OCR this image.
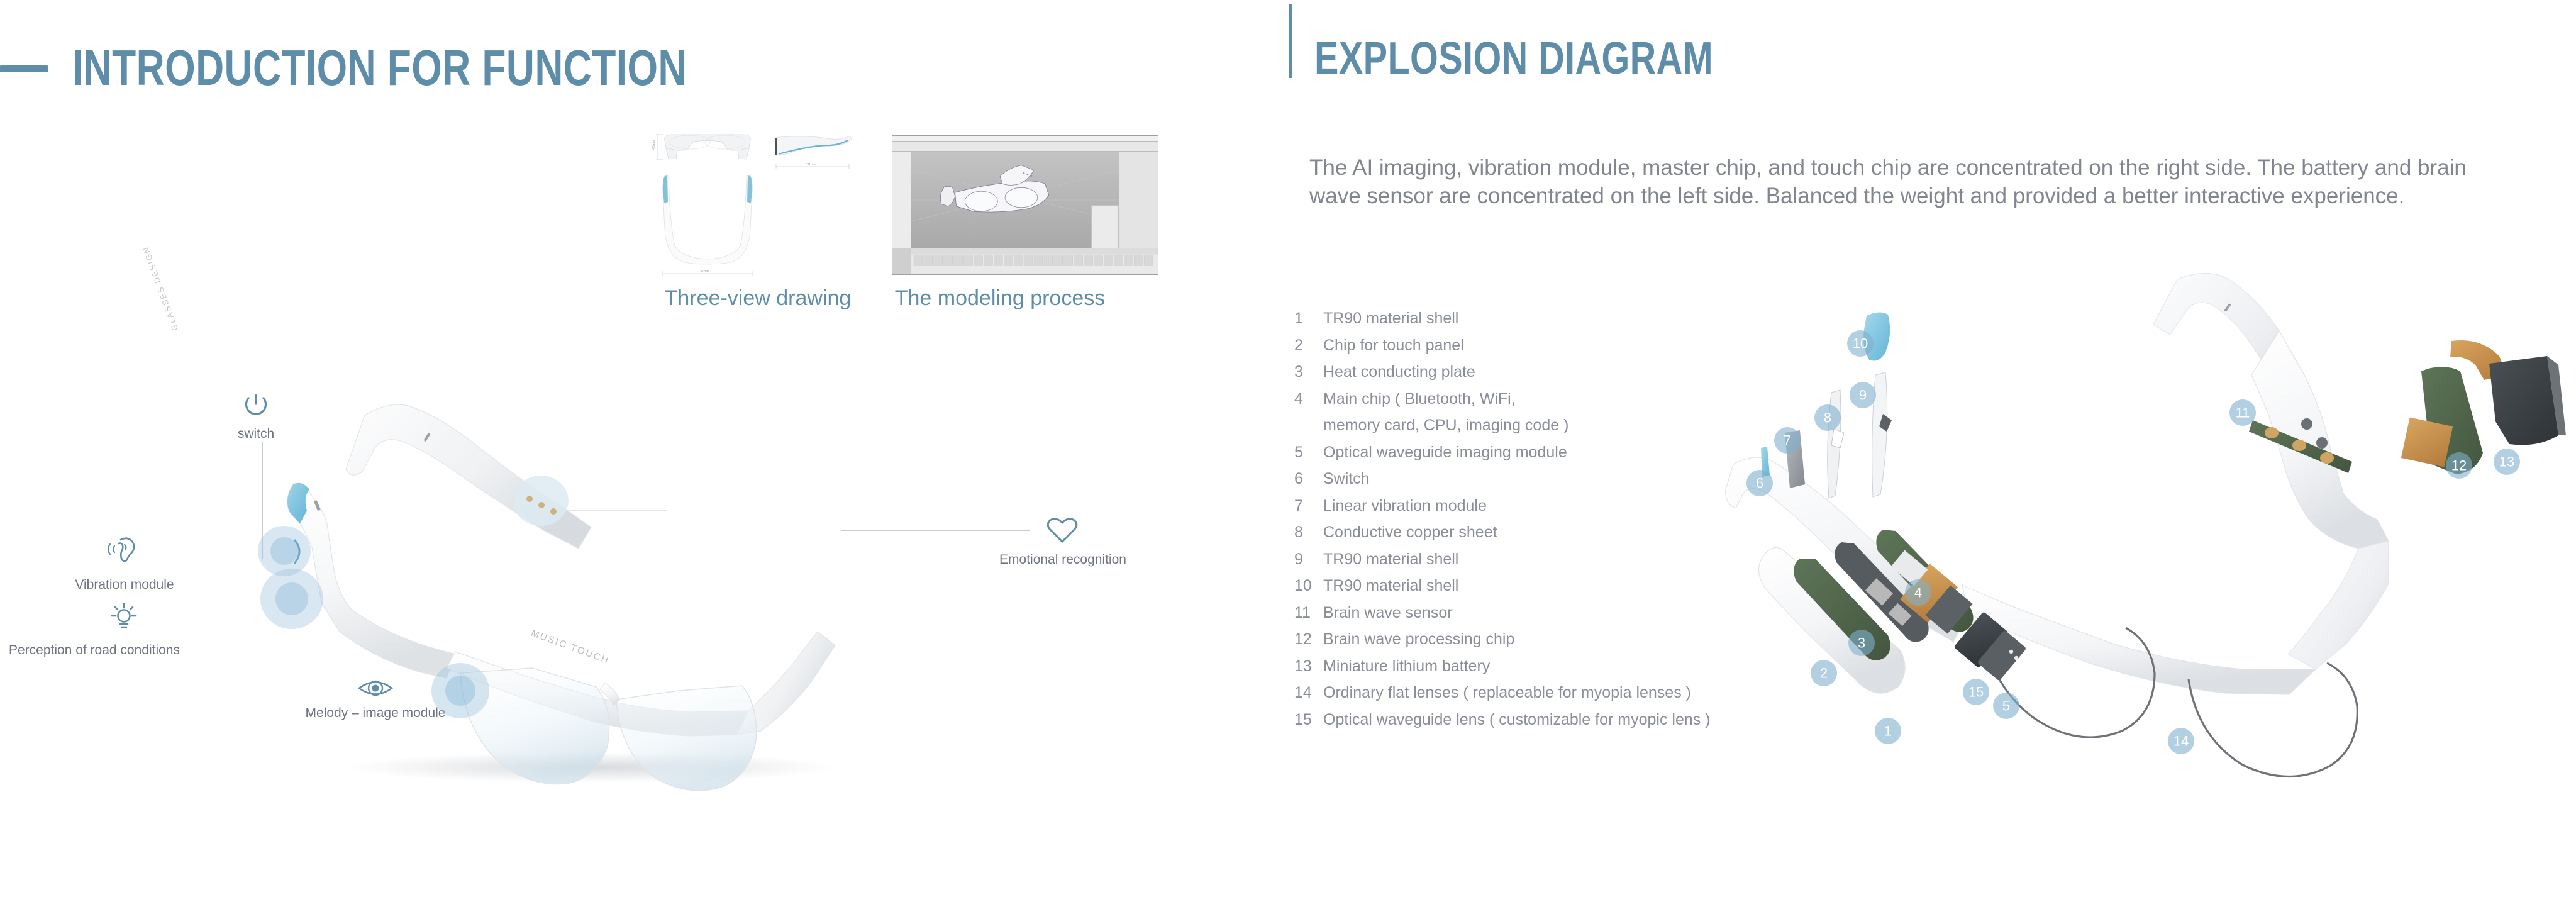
INTRODUCTION FOR FUNCTION
42mm
137mm
131mm
Three-view drawing The modeling process
switch
Vibration module
Perception of road conditions
Melody – image module
Emotional recognition
MUSIC TOUCH
EXPLOSION DIAGRAM
The AI imaging, vibration module, master chip, and touch chip are concentrated on the right side. The battery and brain wave sensor are concentrated on the left side. Balanced the weight and provided a better interactive experience.
1	TR90 material shell
2	Chip for touch panel
3	Heat conducting plate
4	Main chip ( Bluetooth, WiFi,
memory card, CPU, imaging code )
5	Optical waveguide imaging module
6	Switch
7	Linear vibration module
8	Conductive copper sheet
9	TR90 material shell
10 TR90 material shell
11 Brain wave sensor
12 Brain wave processing chip
13 Miniature lithium battery
14 Ordinary flat lenses ( replaceable for myopia lenses )
15 Optical waveguide lens ( customizable for myopic lens )
1
2
3
4
5
6
7
8
9
10
11
12 13
14
15
GLASSES DESIGN
